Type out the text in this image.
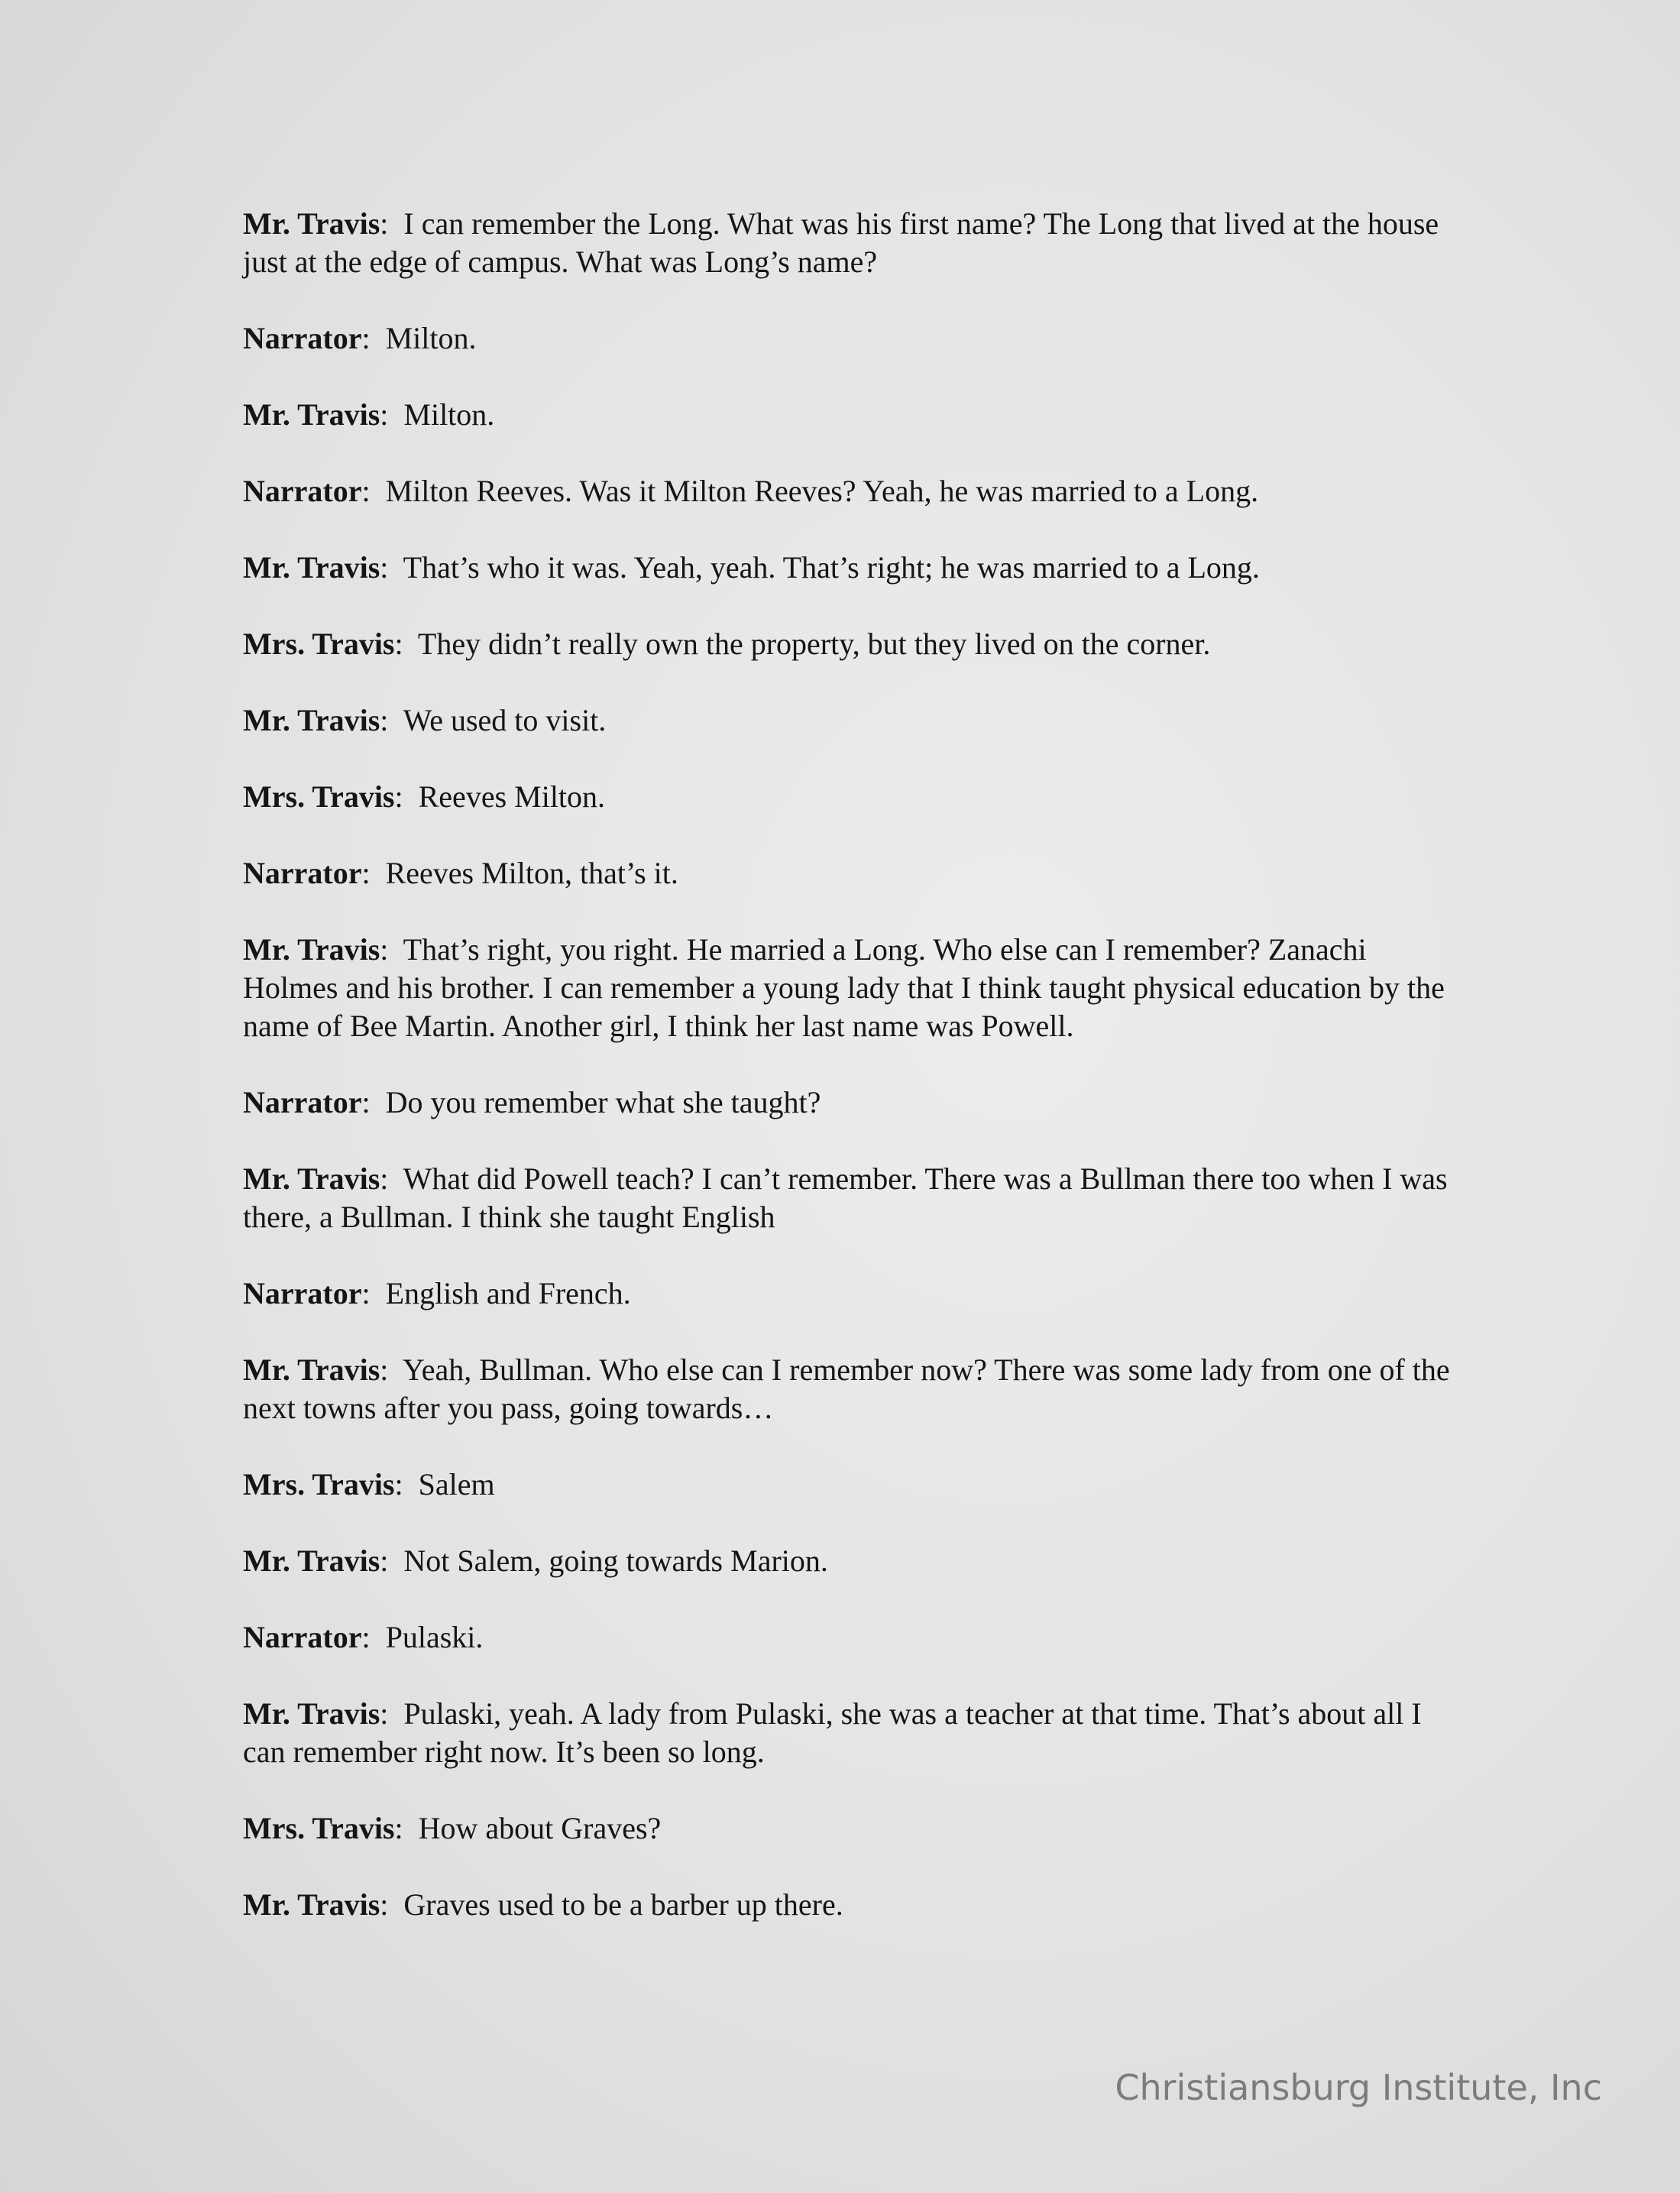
Mr. Travis:  I can remember the Long. What was his first name? The Long that lived at the house just at the edge of campus. What was Long’s name?

Narrator:  Milton.

Mr. Travis:  Milton.

Narrator:  Milton Reeves. Was it Milton Reeves? Yeah, he was married to a Long.

Mr. Travis:  That’s who it was. Yeah, yeah. That’s right; he was married to a Long.

Mrs. Travis:  They didn’t really own the property, but they lived on the corner.

Mr. Travis:  We used to visit.

Mrs. Travis:  Reeves Milton.

Narrator:  Reeves Milton, that’s it.

Mr. Travis:  That’s right, you right. He married a Long. Who else can I remember? Zanachi Holmes and his brother. I can remember a young lady that I think taught physical education by the name of Bee Martin. Another girl, I think her last name was Powell.

Narrator:  Do you remember what she taught?

Mr. Travis:  What did Powell teach? I can’t remember. There was a Bullman there too when I was there, a Bullman. I think she taught English

Narrator:  English and French.

Mr. Travis:  Yeah, Bullman. Who else can I remember now? There was some lady from one of the next towns after you pass, going towards…

Mrs. Travis:  Salem

Mr. Travis:  Not Salem, going towards Marion.

Narrator:  Pulaski.

Mr. Travis:  Pulaski, yeah. A lady from Pulaski, she was a teacher at that time. That’s about all I can remember right now. It’s been so long.

Mrs. Travis:  How about Graves?

Mr. Travis:  Graves used to be a barber up there.

Christiansburg Institute, Inc
